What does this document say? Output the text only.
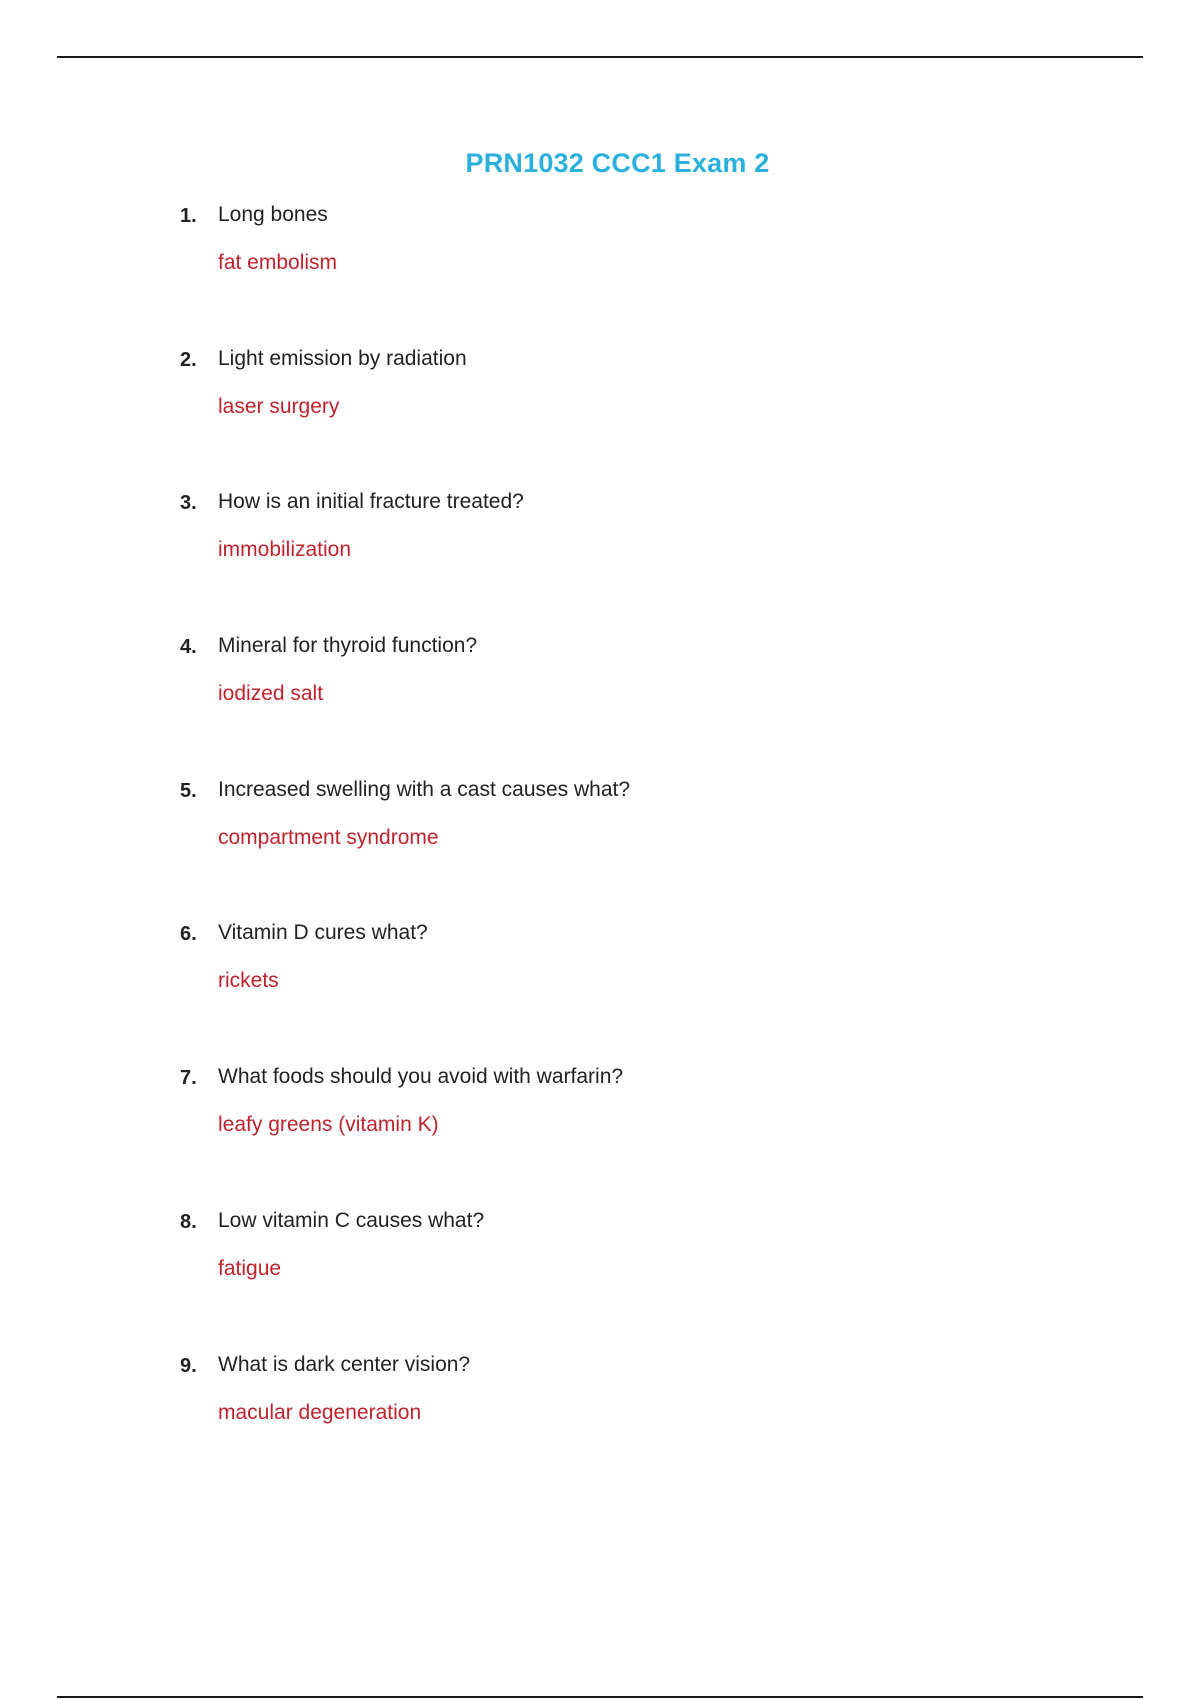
PRN1032 CCC1 Exam 2
1. Long bones
fat embolism
2. Light emission by radiation
laser surgery
3. How is an initial fracture treated?
immobilization
4. Mineral for thyroid function?
iodized salt
5. Increased swelling with a cast causes what?
compartment syndrome
6. Vitamin D cures what?
rickets
7. What foods should you avoid with warfarin?
leafy greens (vitamin K)
8. Low vitamin C causes what?
fatigue
9. What is dark center vision?
macular degeneration
